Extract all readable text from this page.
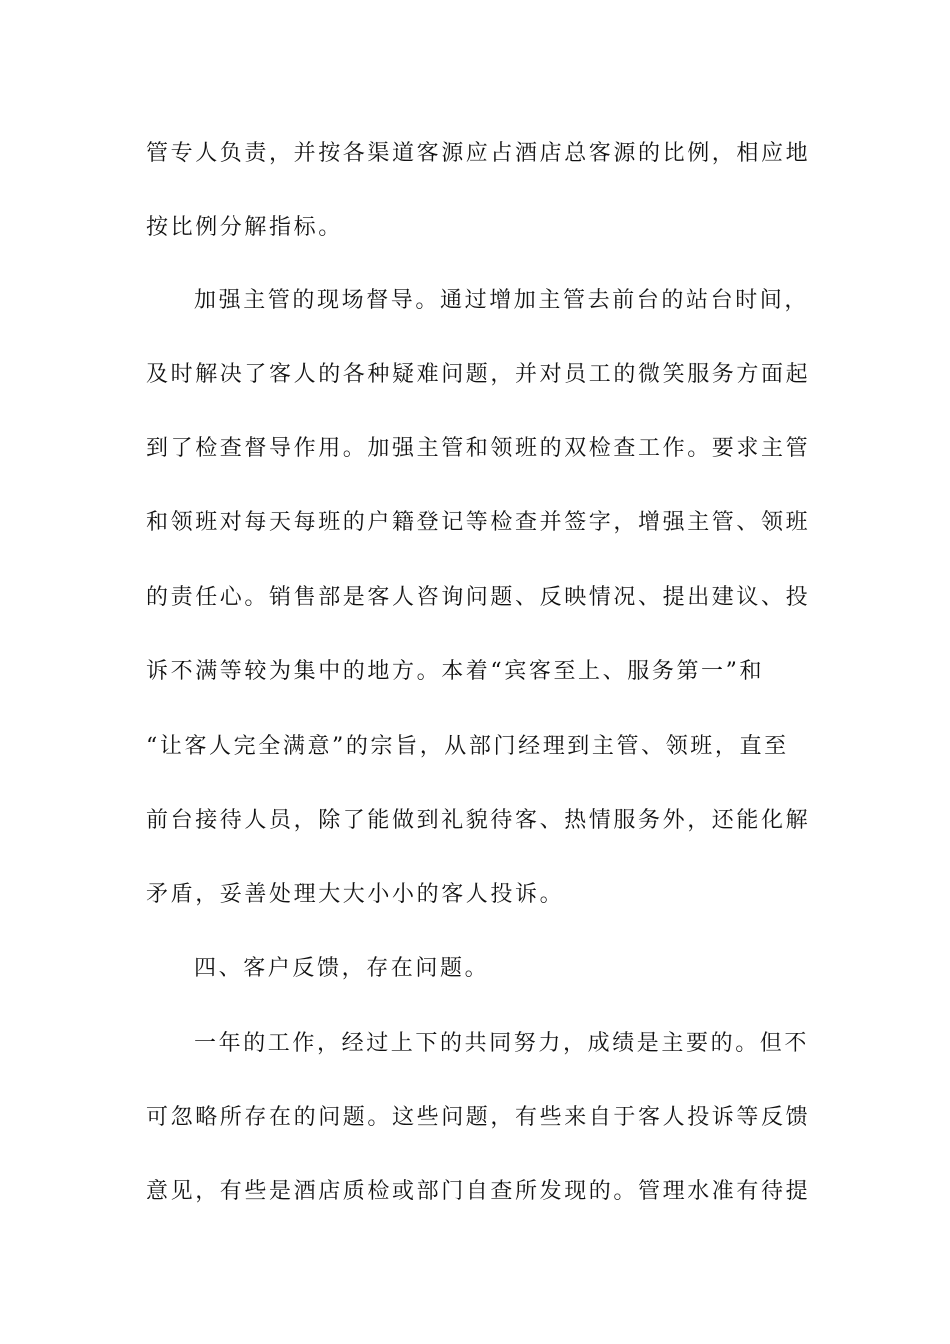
管专人负责，并按各渠道客源应占酒店总客源的比例，相应地
按比例分解指标。
加强主管的现场督导。通过增加主管去前台的站台时间，
及时解决了客人的各种疑难问题，并对员工的微笑服务方面起
到了检查督导作用。加强主管和领班的双检查工作。要求主管
和领班对每天每班的户籍登记等检查并签字，增强主管、领班
的责任心。销售部是客人咨询问题、反映情况、提出建议、投
诉不满等较为集中的地方。本着“宾客至上、服务第一”和
“让客人完全满意”的宗旨，从部门经理到主管、领班，直至
前台接待人员，除了能做到礼貌待客、热情服务外，还能化解
矛盾，妥善处理大大小小的客人投诉。
四、客户反馈，存在问题。
一年的工作，经过上下的共同努力，成绩是主要的。但不
可忽略所存在的问题。这些问题，有些来自于客人投诉等反馈
意见，有些是酒店质检或部门自查所发现的。管理水准有待提
